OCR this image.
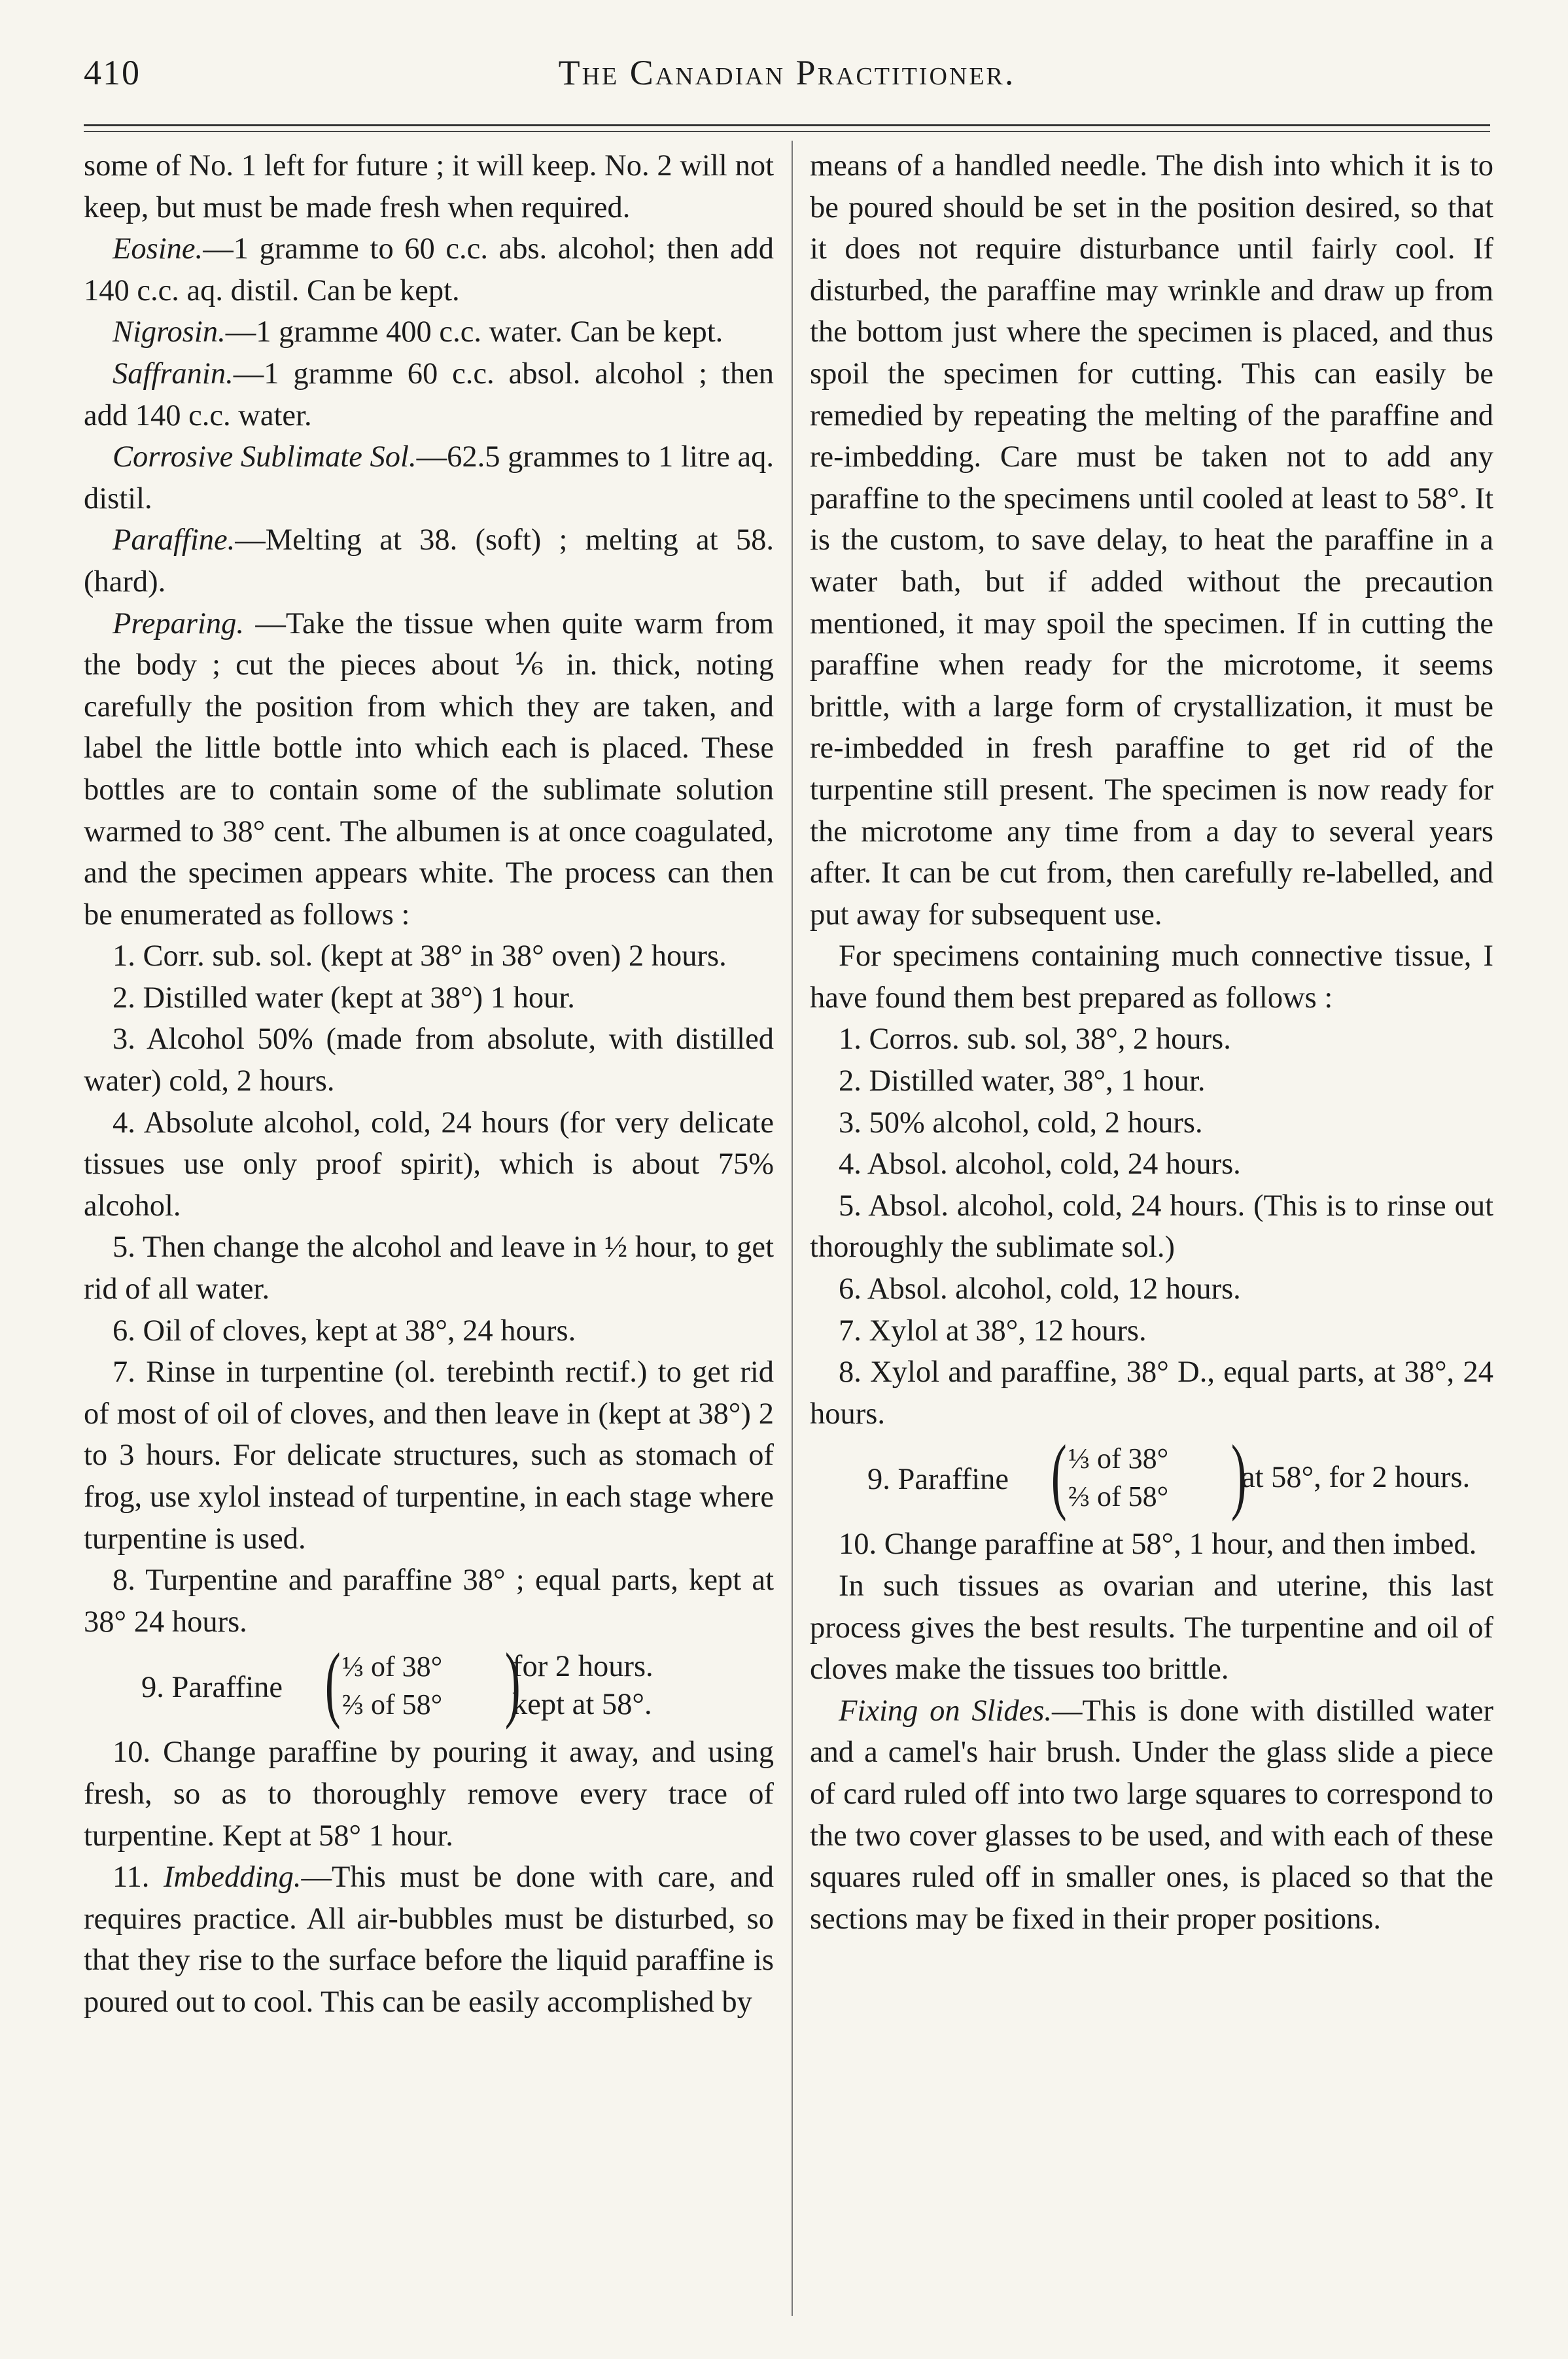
410	The Canadian Practitioner.

some of No. 1 left for future ; it will keep. No. 2 will not keep, but must be made fresh when required.

Eosine.—1 gramme to 60 c.c. abs. alcohol; then add 140 c.c. aq. distil. Can be kept.

Nigrosin.—1 gramme 400 c.c. water. Can be kept.

Saffranin.—1 gramme 60 c.c. absol. alcohol ; then add 140 c.c. water.

Corrosive Sublimate Sol.—62.5 grammes to 1 litre aq. distil.

Paraffine.—Melting at 38. (soft) ; melting at 58. (hard).

Preparing. —Take the tissue when quite warm from the body ; cut the pieces about ⅙ in. thick, noting carefully the position from which they are taken, and label the little bottle into which each is placed. These bottles are to contain some of the sublimate solution warmed to 38° cent. The albumen is at once coagulated, and the specimen appears white. The process can then be enumerated as follows :

1. Corr. sub. sol. (kept at 38° in 38° oven) 2 hours.

2. Distilled water (kept at 38°) 1 hour.

3. Alcohol 50% (made from absolute, with distilled water) cold, 2 hours.

4. Absolute alcohol, cold, 24 hours (for very delicate tissues use only proof spirit), which is about 75% alcohol.

5. Then change the alcohol and leave in ½ hour, to get rid of all water.

6. Oil of cloves, kept at 38°, 24 hours.

7. Rinse in turpentine (ol. terebinth rectif.) to get rid of most of oil of cloves, and then leave in (kept at 38°) 2 to 3 hours. For delicate structures, such as stomach of frog, use xylol instead of turpentine, in each stage where turpentine is used.

8. Turpentine and paraffine 38° ; equal parts, kept at 38° 24 hours.

9. Paraffine ( ⅓ of 38°
⅔ of 58° )
for 2 hours.
kept at 58°.

10. Change paraffine by pouring it away, and using fresh, so as to thoroughly remove every trace of turpentine. Kept at 58° 1 hour.

11. Imbedding.—This must be done with care, and requires practice. All air-bubbles must be disturbed, so that they rise to the surface before the liquid paraffine is poured out to cool. This can be easily accomplished by

means of a handled needle. The dish into which it is to be poured should be set in the position desired, so that it does not require disturbance until fairly cool. If disturbed, the paraffine may wrinkle and draw up from the bottom just where the specimen is placed, and thus spoil the specimen for cutting. This can easily be remedied by repeating the melting of the paraffine and re-imbedding. Care must be taken not to add any paraffine to the specimens until cooled at least to 58°. It is the custom, to save delay, to heat the paraffine in a water bath, but if added without the precaution mentioned, it may spoil the specimen. If in cutting the paraffine when ready for the microtome, it seems brittle, with a large form of crystallization, it must be re-imbedded in fresh paraffine to get rid of the turpentine still present. The specimen is now ready for the microtome any time from a day to several years after. It can be cut from, then carefully re-labelled, and put away for subsequent use.

For specimens containing much connective tissue, I have found them best prepared as follows :

1. Corros. sub. sol, 38°, 2 hours.

2. Distilled water, 38°, 1 hour.

3. 50% alcohol, cold, 2 hours.

4. Absol. alcohol, cold, 24 hours.

5. Absol. alcohol, cold, 24 hours. (This is to rinse out thoroughly the sublimate sol.)

6. Absol. alcohol, cold, 12 hours.

7. Xylol at 38°, 12 hours.

8. Xylol and paraffine, 38° D., equal parts, at 38°, 24 hours.

9. Paraffine ( ⅓ of 38°
⅔ of 58° )
at 58°, for 2 hours.

10. Change paraffine at 58°, 1 hour, and then imbed.

In such tissues as ovarian and uterine, this last process gives the best results. The turpentine and oil of cloves make the tissues too brittle.

Fixing on Slides.—This is done with distilled water and a camel's hair brush. Under the glass slide a piece of card ruled off into two large squares to correspond to the two cover glasses to be used, and with each of these squares ruled off in smaller ones, is placed so that the sections may be fixed in their proper positions.
